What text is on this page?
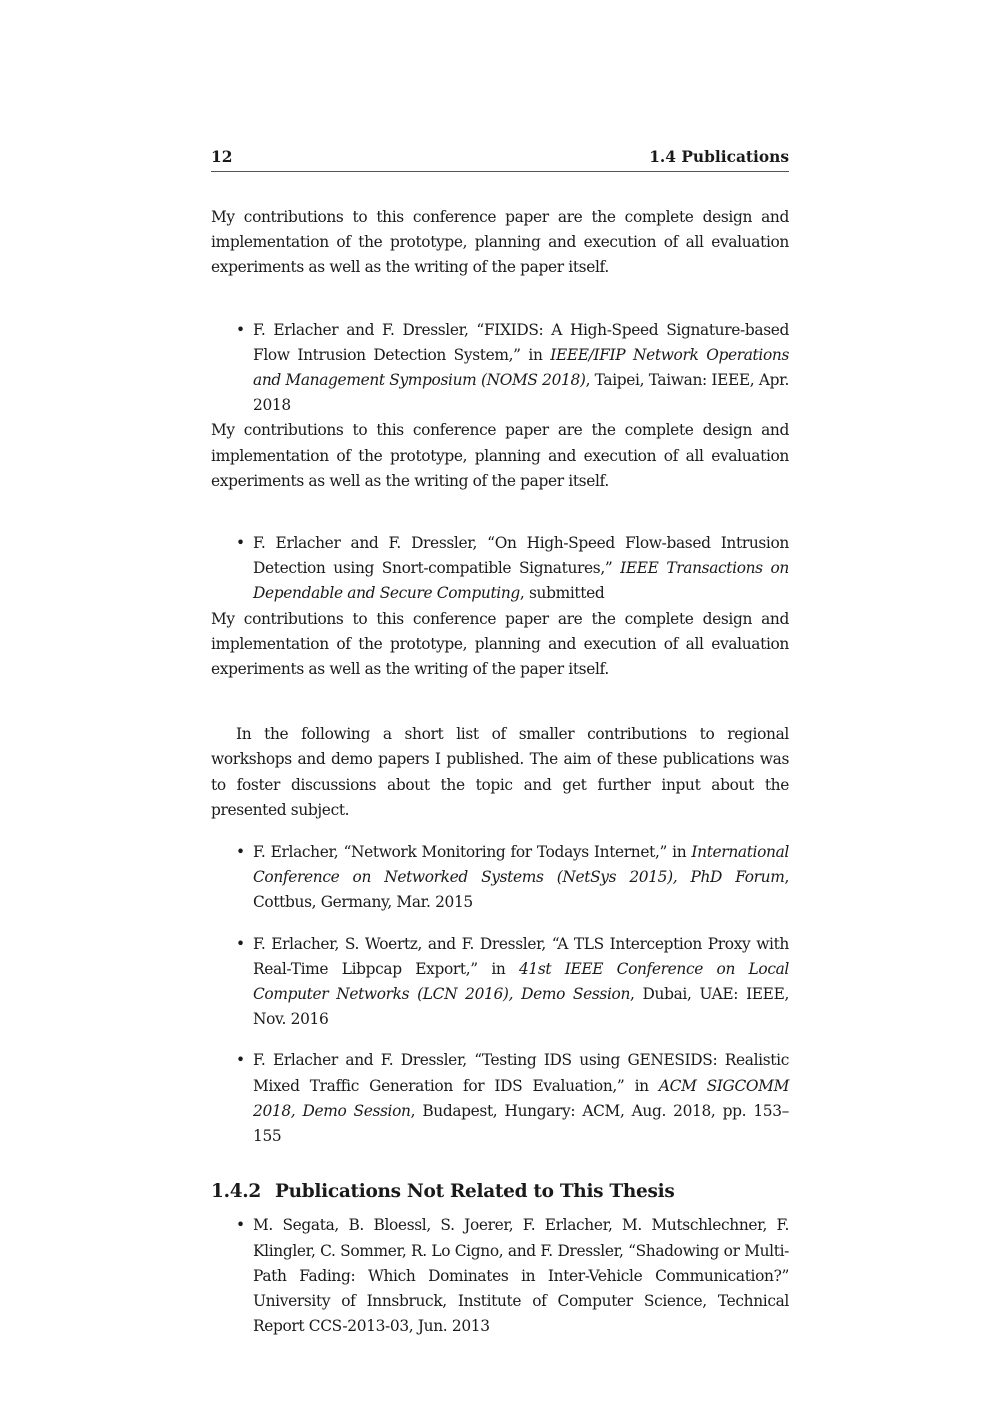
12	1.4 Publications

My contributions to this conference paper are the complete design and implementation of the prototype, planning and execution of all evaluation experiments as well as the writing of the paper itself.

• F. Erlacher and F. Dressler, “FIXIDS: A High-Speed Signature-based Flow Intrusion Detection System,” in IEEE/IFIP Network Operations and Management Symposium (NOMS 2018), Taipei, Taiwan: IEEE, Apr. 2018

My contributions to this conference paper are the complete design and implementation of the prototype, planning and execution of all evaluation experiments as well as the writing of the paper itself.

• F. Erlacher and F. Dressler, “On High-Speed Flow-based Intrusion Detection using Snort-compatible Signatures,” IEEE Transactions on Dependable and Secure Computing, submitted

My contributions to this conference paper are the complete design and implementation of the prototype, planning and execution of all evaluation experiments as well as the writing of the paper itself.

In the following a short list of smaller contributions to regional workshops and demo papers I published. The aim of these publications was to foster discussions about the topic and get further input about the presented subject.

• F. Erlacher, “Network Monitoring for Todays Internet,” in International Conference on Networked Systems (NetSys 2015), PhD Forum, Cottbus, Germany, Mar. 2015
• F. Erlacher, S. Woertz, and F. Dressler, “A TLS Interception Proxy with Real-Time Libpcap Export,” in 41st IEEE Conference on Local Computer Networks (LCN 2016), Demo Session, Dubai, UAE: IEEE, Nov. 2016
• F. Erlacher and F. Dressler, “Testing IDS using GENESIDS: Realistic Mixed Traffic Generation for IDS Evaluation,” in ACM SIGCOMM 2018, Demo Session, Budapest, Hungary: ACM, Aug. 2018, pp. 153–155
1.4.2 Publications Not Related to This Thesis
• M. Segata, B. Bloessl, S. Joerer, F. Erlacher, M. Mutschlechner, F. Klingler, C. Sommer, R. Lo Cigno, and F. Dressler, “Shadowing or Multi-Path Fading: Which Dominates in Inter-Vehicle Communication?” University of Innsbruck, Institute of Computer Science, Technical Report CCS-2013-03, Jun. 2013
